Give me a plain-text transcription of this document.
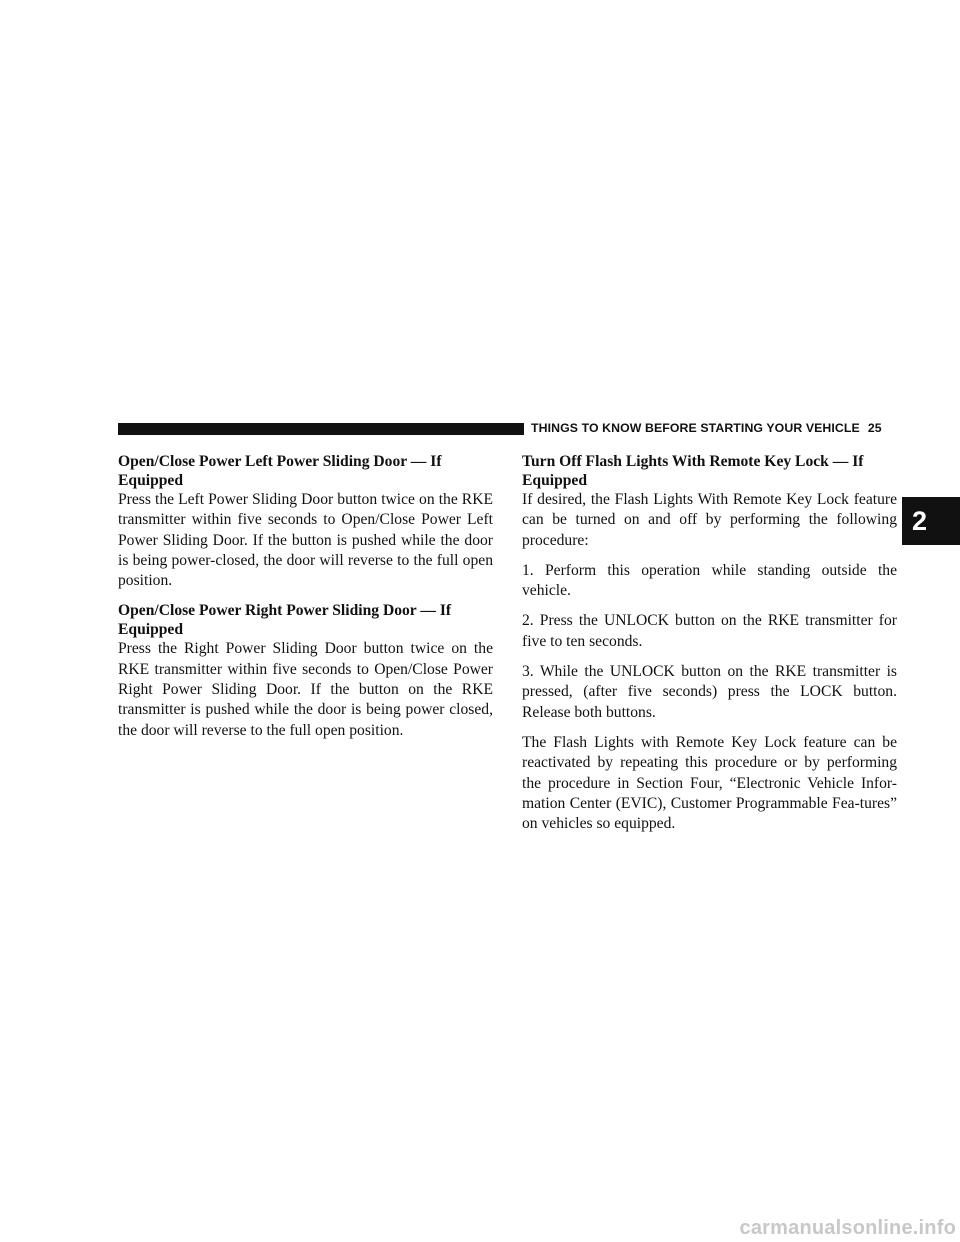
THINGS TO KNOW BEFORE STARTING YOUR VEHICLE 25
2

Open/Close Power Left Power Sliding Door — If Equipped

Press the Left Power Sliding Door button twice on the RKE transmitter within five seconds to Open/Close Power Left Power Sliding Door. If the button is pushed while the door is being power-closed, the door will reverse to the full open position.

Open/Close Power Right Power Sliding Door — If Equipped

Press the Right Power Sliding Door button twice on the RKE transmitter within five seconds to Open/Close Power Right Power Sliding Door. If the button on the RKE transmitter is pushed while the door is being power closed, the door will reverse to the full open position.

Turn Off Flash Lights With Remote Key Lock — If Equipped

If desired, the Flash Lights With Remote Key Lock feature can be turned on and off by performing the following procedure:

1. Perform this operation while standing outside the vehicle.

2. Press the UNLOCK button on the RKE transmitter for five to ten seconds.

3. While the UNLOCK button on the RKE transmitter is pressed, (after five seconds) press the LOCK button. Release both buttons.

The Flash Lights with Remote Key Lock feature can be reactivated by repeating this procedure or by performing the procedure in Section Four, “Electronic Vehicle Infor-mation Center (EVIC), Customer Programmable Fea-tures” on vehicles so equipped.

carmanualsonline.info
